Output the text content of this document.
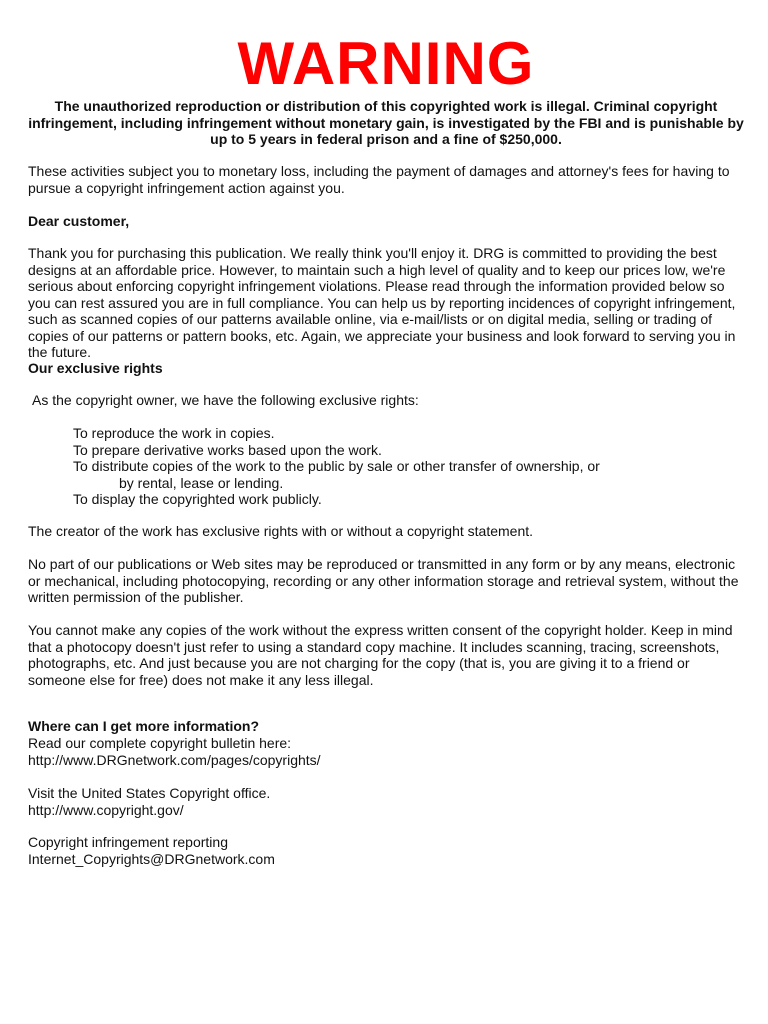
WARNING
The unauthorized reproduction or distribution of this copyrighted work is illegal. Criminal copyright infringement, including infringement without monetary gain, is investigated by the FBI and is punishable by up to 5 years in federal prison and a fine of $250,000.
These activities subject you to monetary loss, including the payment of damages and attorney's fees for having to pursue a copyright infringement action against you.
Dear customer,
Thank you for purchasing this publication. We really think you'll enjoy it. DRG is committed to providing the best designs at an affordable price. However, to maintain such a high level of quality and to keep our prices low, we're serious about enforcing copyright infringement violations. Please read through the information provided below so you can rest assured you are in full compliance. You can help us by reporting incidences of copyright infringement, such as scanned copies of our patterns available online, via e-mail/lists or on digital media, selling or trading of copies of our patterns or pattern books, etc. Again, we appreciate your business and look forward to serving you in the future.
Our exclusive rights
As the copyright owner, we have the following exclusive rights:
To reproduce the work in copies.
To prepare derivative works based upon the work.
To distribute copies of the work to the public by sale or other transfer of ownership, or
by rental, lease or lending.
To display the copyrighted work publicly.
The creator of the work has exclusive rights with or without a copyright statement.
No part of our publications or Web sites may be reproduced or transmitted in any form or by any means, electronic or mechanical, including photocopying, recording or any other information storage and retrieval system, without the written permission of the publisher.
You cannot make any copies of the work without the express written consent of the copyright holder. Keep in mind that a photocopy doesn't just refer to using a standard copy machine. It includes scanning, tracing, screenshots, photographs, etc. And just because you are not charging for the copy (that is, you are giving it to a friend or someone else for free) does not make it any less illegal.
Where can I get more information?
Read our complete copyright bulletin here:
http://www.DRGnetwork.com/pages/copyrights/
Visit the United States Copyright office.
http://www.copyright.gov/
Copyright infringement reporting
Internet_Copyrights@DRGnetwork.com
